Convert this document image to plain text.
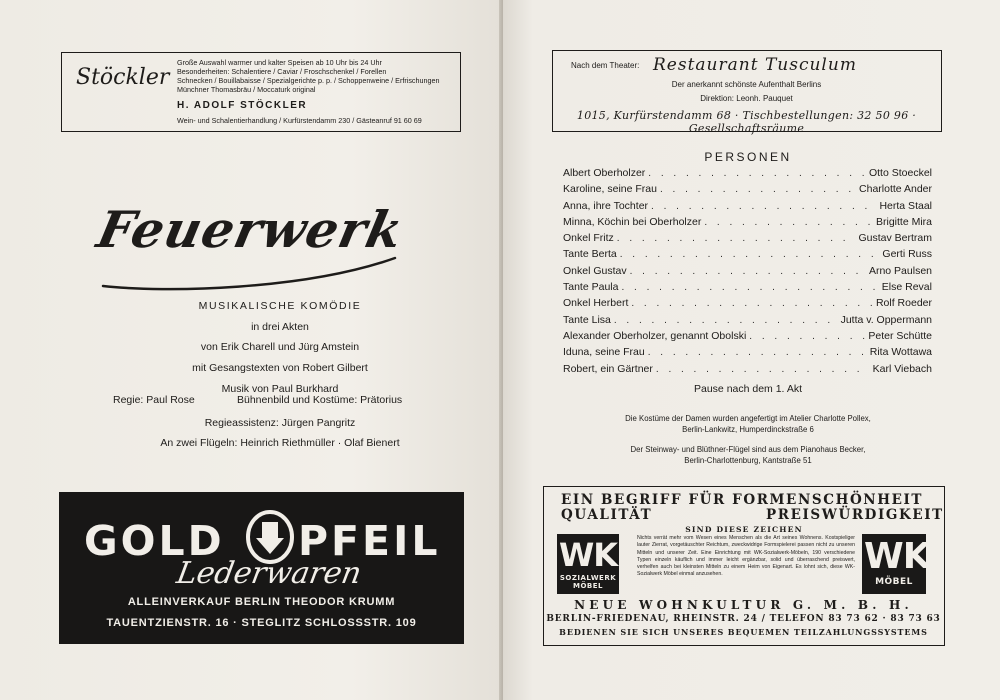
Stöckler
Große Auswahl warmer und kalter Speisen ab 10 Uhr bis 24 Uhr
Besonderheiten: Schalentiere / Caviar / Froschschenkel / Forellen
Schnecken / Bouillabaisse / Spezialgerichte p. p. / Schoppenweine / Erfrischungen
Münchner Thomasbräu / Moccaturk original
H. ADOLF STÖCKLER
Wein- und Schalentierhandlung / Kurfürstendamm 230 / Gästeanruf 91 60 69
Feuerwerk
MUSIKALISCHE KOMÖDIE
in drei Akten
von Erik Charell und Jürg Amstein
mit Gesangstexten von Robert Gilbert
Musik von Paul Burkhard
Regie: Paul Rose	Bühnenbild und Kostüme: Prätorius
Regieassistenz: Jürgen Pangritz
An zwei Flügeln: Heinrich Riethmüller · Olaf Bienert
GOLD PFEIL
Lederwaren
ALLEINVERKAUF BERLIN THEODOR KRUMM
TAUENTZIENSTR. 16 · STEGLITZ SCHLOSSSTR. 109
Nach dem Theater: Restaurant Tusculum
Der anerkannt schönste Aufenthalt Berlins
Direktion: Leonh. Pauquet
1015, Kurfürstendamm 68 · Tischbestellungen: 32 50 96 · Gesellschaftsräume
PERSONEN
Albert Oberholzer . . .	Otto Stoeckel
Karoline, seine Frau . . .	Charlotte Ander
Anna, ihre Tochter . . .	Herta Staal
Minna, Köchin bei Oberholzer . . .	Brigitte Mira
Onkel Fritz . . .	Gustav Bertram
Tante Berta . . .	Gerti Russ
Onkel Gustav . . .	Arno Paulsen
Tante Paula . . .	Else Reval
Onkel Herbert . . .	Rolf Roeder
Tante Lisa . . .	Jutta v. Oppermann
Alexander Oberholzer, genannt Obolski . . .	Peter Schütte
Iduna, seine Frau . . .	Rita Wottawa
Robert, ein Gärtner . . .	Karl Viebach
Pause nach dem 1. Akt
Die Kostüme der Damen wurden angefertigt im Atelier Charlotte Pollex,
Berlin-Lankwitz, Humperdinckstraße 6
Der Steinway- und Blüthner-Flügel sind aus dem Pianohaus Becker,
Berlin-Charlottenburg, Kantstraße 51
EIN BEGRIFF FÜR FORMENSCHÖNHEIT
QUALITÄT	PREISWÜRDIGKEIT
WK
SOZIALWERK
MÖBEL
SIND DIESE ZEICHEN
Nichts verrät mehr vom Wesen eines Menschen als die Art seines Wohnens. Kostspieliger lauter Zierrat, vorgetäuschter Reichtum, zweckwidrige Formspielerei passen nicht zu unseren Mitteln und unserer Zeit. Eine Einrichtung mit WK-Sozialwerk-Möbeln, 190 verschiedene Typen einzeln käuflich und immer leicht ergänzbar, solid und überraschend preiswert, verhelfen auch bei kleinsten Mitteln zu einem Heim von Eigenart. Es lohnt sich, diese WK-Sozialwerk Möbel einmal anzusehen.	WK
MÖBEL
NEUE WOHNKULTUR G. M. B. H.
BERLIN-FRIEDENAU, RHEINSTR. 24 / TELEFON 83 73 62 · 83 73 63
BEDIENEN SIE SICH UNSERES BEQUEMEN TEILZAHLUNGSSYSTEMS
